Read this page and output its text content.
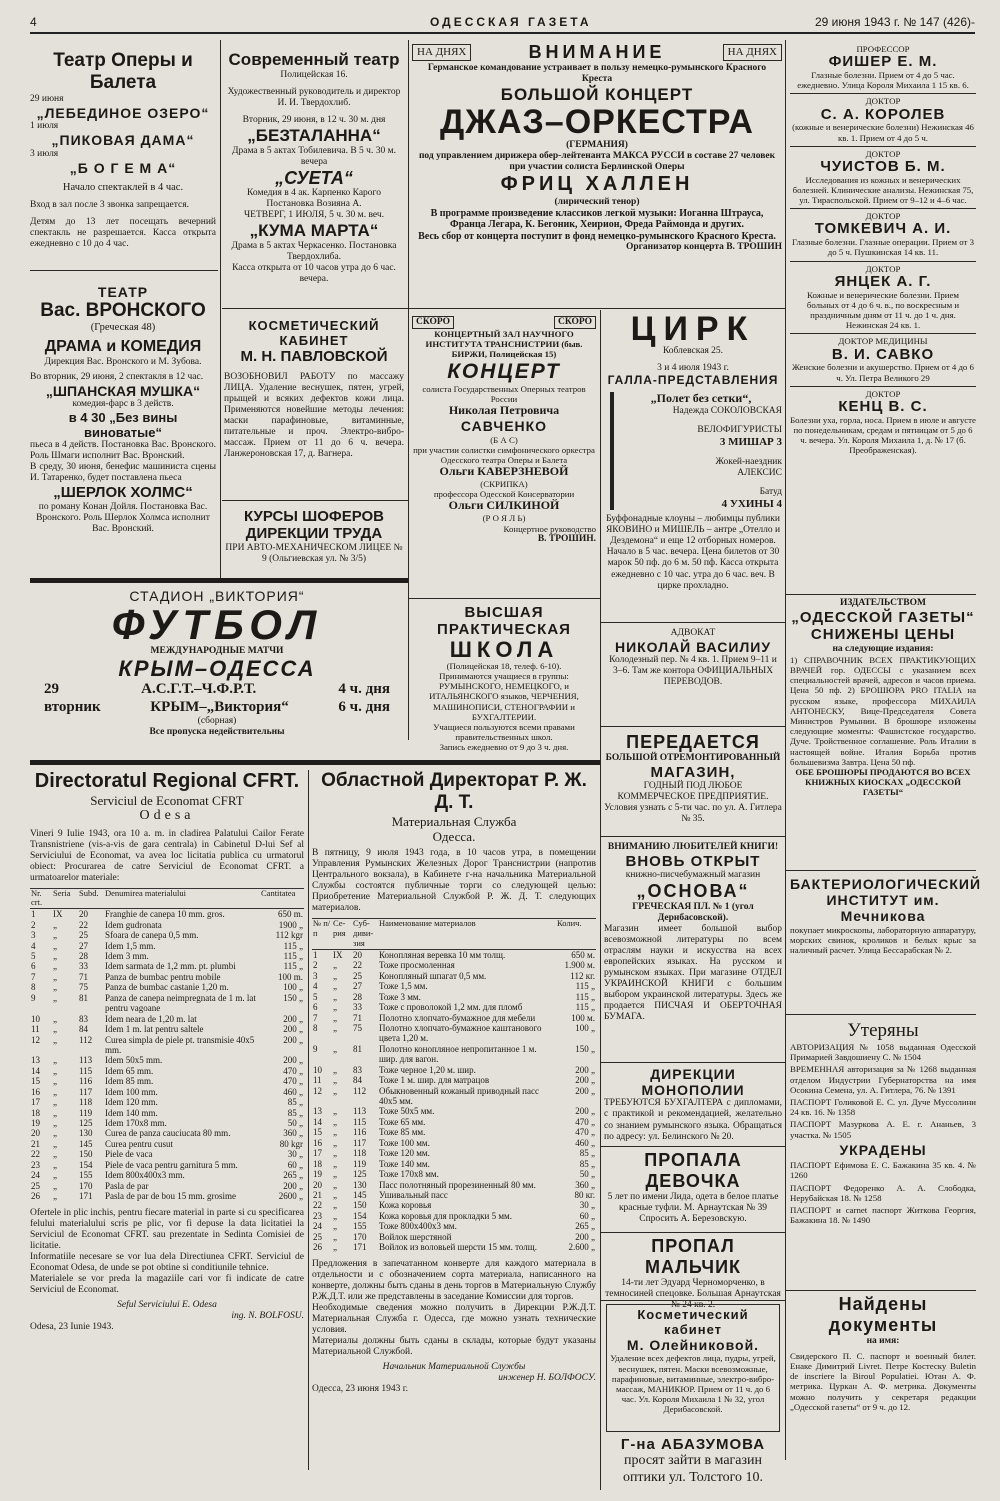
4	ОДЕССКАЯ ГАЗЕТА	29 июня 1943 г. № 147 (426)-
Театр Оперы и Балета
29 июня
„ЛЕБЕДИНОЕ ОЗЕРО“
1 июля
„ПИКОВАЯ ДАМА“
3 июля
„Б О Г Е М А“
Начало спектаклей в 4 час.
Вход в зал после 3 звонка запрещается.
Детям до 13 лет посещать вечерний спектакль не разрешается. Касса открыта ежедневно с 10 до 4 час.
ТЕАТР
Вас. ВРОНСКОГО
(Греческая 48)
ДРАМА и КОМЕДИЯ
Дирекция Вас. Вронского и М. Зубова.
Во вторник, 29 июня, 2 спектакля в 12 час.
„ШПАНСКАЯ МУШКА“
комедия-фарс в 3 действ.
в 4 30 „Без вины виноватые“
пьеса в 4 действ. Постановка Вас. Вронского. Роль Шмаги исполнит Вас. Вронский.
В среду, 30 июня, бенефис машиниста сцены И. Татаренко, будет поставлена пьеса
„ШЕРЛОК ХОЛМС“
по роману Конан Дойля. Постановка Вас. Вронского. Роль Шерлок Холмса исполнит Вас. Вронский.
Современный театр
Полицейская 16.
Художественный руководитель и директор И. И. Твердохлиб.
Вторник, 29 июня, в 12 ч. 30 м. дня
„БЕЗТАЛАННА“
Драма в 5 актах Тобилевича. В 5 ч. 30 м. вечера
„СУЕТА“
Комедия в 4 ак. Карпенко Карого Постановка Возияна А.
ЧЕТВЕРГ, 1 ИЮЛЯ, 5 ч. 30 м. веч.
„КУМА МАРТА“
Драма в 5 актах Черкасенко. Постановка Твердохлиба.
Касса открыта от 10 часов утра до 6 час. вечера.
КОСМЕТИЧЕСКИЙ
КАБИНЕТ
М. Н. ПАВЛОВСКОЙ
ВОЗОБНОВИЛ РАБОТУ по массажу ЛИЦА. Удаление веснушек, пятен, угрей, прыщей и всяких дефектов кожи лица. Применяются новейшие методы лечения: маски парафиновые, витаминные, питательные и проч. Электро-вибро-массаж. Прием от 11 до 6 ч. вечера. Ланжероновская 17, д. Вагнера.
КУРСЫ ШОФЕРОВ
ДИРЕКЦИИ ТРУДА
ПРИ АВТО-МЕХАНИЧЕСКОМ ЛИЦЕЕ № 9 (Ольгиевская ул. № 3/5)
СТАДИОН „ВИКТОРИЯ“
ФУТБОЛ
МЕЖДУНАРОДНЫЕ МАТЧИ
КРЫМ–ОДЕССА
29	А.С.Г.Т.–Ч.Ф.Р.Т.	4 ч. дня
вторник	КРЫМ–„Виктория“	6 ч. дня
(сборная)
Все пропуска недействительны
НА ДНЯХ	ВНИМАНИЕ	НА ДНЯХ
Германское командование устраивает в пользу немецко-румынского Красного Креста
БОЛЬШОЙ КОНЦЕРТ
ДЖАЗ–ОРКЕСТРА
(ГЕРМАНИЯ)
под управлением дирижера обер-лейтенанта МАКСА РУССИ в составе 27 человек при участии солиста Берлинской Оперы
ФРИЦ ХАЛЛЕН
(лирический тенор)
В программе произведение классиков легкой музыки: Иоганна Штрауса, Франца Легара, К. Бегоник, Хеирион, Фреда Раймонда и других.
Весь сбор от концерта поступит в фонд немецко-румынского Красного Креста.
Организатор концерта В. ТРОШИН
СКОРО	СКОРО
КОНЦЕРТНЫЙ ЗАЛ НАУЧНОГО ИНСТИТУТА ТРАНСНИСТРИИ (быв. БИРЖИ, Полицейская 15)
КОНЦЕРТ
солиста Государственных Оперных театров России
Николая Петровича
САВЧЕНКО
(Б А С)
при участии солистки симфонического оркестра Одесского театра Оперы и Балета
Ольги КАВЕРЗНЕВОЙ
(СКРИПКА)
профессора Одесской Консерватории
Ольги СИЛКИНОЙ
(Р О Я Л Ь)
Концертное руководство
В. ТРОШИН.
ВЫСШАЯ
ПРАКТИЧЕСКАЯ
ШКОЛА
(Полицейская 18, телеф. 6-10).
Принимаются учащиеся в группы: РУМЫНСКОГО, НЕМЕЦКОГО, и ИТАЛЬЯНСКОГО языков, ЧЕРЧЕНИЯ, МАШИНОПИСИ, СТЕНОГРАФИИ и БУХГАЛТЕРИИ.
Учащиеся пользуются всеми правами правительственных школ.
Запись ежедневно от 9 до 3 ч. дня.
ЦИРК
Коблевская 25.
3 и 4 июля 1943 г.
ГАЛЛА-ПРЕДСТАВЛЕНИЯ
„Полет без сетки“,
Надежда СОКОЛОВСКАЯ
ВЕЛОФИГУРИСТЫ
3 МИШАР 3
Жокей-наездник
АЛЕКСИС
Батуд
4 УХИНЫ 4
Буффонадные клоуны – любимцы публики ЯКОВИНО и МИШЕЛЬ – антре „Отелло и Дездемона“ и еще 12 отборных номеров. Начало в 5 час. вечера. Цена билетов от 30 марок 50 пф. до 6 м. 50 пф. Касса открыта ежедневно с 10 час. утра до 6 час. веч. В цирке прохладно.
АДВОКАТ
НИКОЛАЙ ВАСИЛИУ
Колодезный пер. № 4 кв. 1. Прием 9–11 и 3–6. Там же контора ОФИЦИАЛЬНЫХ ПЕРЕВОДОВ.
ПЕРЕДАЕТСЯ
БОЛЬШОЙ ОТРЕМОНТИРОВАННЫЙ
МАГАЗИН,
ГОДНЫЙ ПОД ЛЮБОЕ КОММЕРЧЕСКОЕ ПРЕДПРИЯТИЕ. Условия узнать с 5-ти час. по ул. А. Гитлера № 35.
ВНИМАНИЮ ЛЮБИТЕЛЕЙ КНИГИ!
ВНОВЬ ОТКРЫТ
книжно-писчебумажный магазин
„ОСНОВА“
ГРЕЧЕСКАЯ ПЛ. № 1 (угол Дерибасовской).
Магазин имеет большой выбор всевозможной литературы по всем отраслям науки и искусства на всех европейских языках. На русском и румынском языках. При магазине ОТДЕЛ УКРАИНСКОЙ КНИГИ с большим выбором украинской литературы. Здесь же продается ПИСЧАЯ И ОБЕРТОЧНАЯ БУМАГА.
ДИРЕКЦИИ МОНОПОЛИИ
ТРЕБУЮТСЯ БУХГАЛТЕРА с дипломами, с практикой и рекомендацией, желательно со знанием румынского языка. Обращаться по адресу: ул. Белинского № 20.
ПРОПАЛА ДЕВОЧКА
5 лет по имени Лида, одета в белое платье красные туфли. М. Арнаутская № 39 Спросить А. Березовскую.
ПРОПАЛ МАЛЬЧИК
14-ти лет Эдуард Черноморченко, в темносиней спецовке. Большая Арнаутская № 24 кв. 2.
Косметический кабинет
М. Олейниковой.
Удаление всех дефектов лица, пудры, угрей, веснушек, пятен. Маски всевозможные, парафиновые, витаминные, электро-вибро-массаж, МАНИКЮР. Прием от 11 ч. до 6 час. Ул. Короля Михаила 1 № 32, угол Дерибасовской.
Г-на АБАЗУМОВА
просят зайти в магазин оптики ул. Толстого 10.
ПРОФЕССОР
ФИШЕР Е. М.
Глазные болезни. Прием от 4 до 5 час. ежедневно. Улица Короля Михаила 1 15 кв. 6.
ДОКТОР
С. А. КОРОЛЕВ
(кожные и венерические болезни) Нежинская 46 кв. 1. Прием от 4 до 5 ч.
ДОКТОР
ЧУИСТОВ Б. М.
Исследования из кожных и венерических болезней. Клинические анализы. Нежинская 75, ул. Тираспольской. Прием от 9–12 и 4–6 час.
ДОКТОР
ТОМКЕВИЧ А. И.
Глазные болезни. Глазные операции. Прием от 3 до 5 ч. Пушкинская 14 кв. 11.
ДОКТОР
ЯНЦЕК А. Г.
Кожные и венерические болезни. Прием больных от 4 до 6 ч. в., по воскресным и праздничным дням от 11 ч. до 1 ч. дня. Нежинская 24 кв. 1.
ДОКТОР МЕДИЦИНЫ
В. И. САВКО
Женские болезни и акушерство. Прием от 4 до 6 ч. Ул. Петра Великого 29
ДОКТОР
КЕНЦ В. С.
Болезни уха, горла, носа. Прием в июле и августе по понедельникам, средам и пятницам от 5 до 6 ч. вечера. Ул. Короля Михаила 1, д. № 17 (б. Преображенская).
ИЗДАТЕЛЬСТВОМ
„ОДЕССКОЙ ГАЗЕТЫ“
СНИЖЕНЫ ЦЕНЫ
на следующие издания:
1) СПРАВОЧНИК ВСЕХ ПРАКТИКУЮЩИХ ВРАЧЕЙ гор. ОДЕССЫ с указанием всех специальностей врачей, адресов и часов приема. Цена 50 пф. 2) БРОШЮРА PRO ITALIA на русском языке, профессора МИХАИЛА АНТОНЕСКУ, Вице-Председателя Совета Министров Румынии. В брошюре изложены следующие моменты: Фашистское государство. Дуче. Тройственное соглашение. Роль Италии в настоящей войне. Италия Борьба против большевизма Завтра. Цена 50 пф.
ОБЕ БРОШЮРЫ ПРОДАЮТСЯ ВО ВСЕХ КНИЖНЫХ КИОСКАХ „ОДЕССКОЙ ГАЗЕТЫ“
БАКТЕРИОЛОГИЧЕСКИЙ
ИНСТИТУТ им. Мечникова
покупает микроскопы, лабораторную аппаратуру, морских свинок, кроликов и белых крыс за наличный расчет. Улица Бессарабская № 2.
Утеряны
АВТОРИЗАЦИЯ № 1058 выданная Одесской Примарией Завдошиену С. № 1504
ВРЕМЕННАЯ авторизация за № 1268 выданная отделом Индустрии Губернаторства на имя Осокина Семена, ул. А. Гитлера, 76. № 1391
ПАСПОРТ Голиковой Е. С. ул. Дуче Муссолини 24 кв. 16. № 1358
ПАСПОРТ Мазуркова А. Е. г. Ананьев, 3 участка. № 1505
УКРАДЕНЫ
ПАСПОРТ Ефимова Е. С. Бажакина 35 кв. 4. № 1260
ПАСПОРТ Федоренко А. А. Слободка, Нерубайская 18. № 1258
ПАСПОРТ и carnet паспорт Житкова Георгия, Бажакина 18. № 1490
Найдены документы
на имя:
Свидерского П. С. паспорт и военный билет. Енаке Димитрий Livret. Петре Костеску Buletin de inscriere la Biroul Populatiei. Ютан А. Ф. метрика. Цуркан А. Ф. метрика. Документы можно получить у секретаря редакции „Одесской газеты“ от 9 ч. до 12.
Directoratul Regional CFRT.
Serviciul de Economat CFRT
Odesa
Vineri 9 Iulie 1943, ora 10 a. m. in cladirea Palatului Cailor Ferate Transnistriene (vis-a-vis de gara centrala) in Cabinetul D-lui Sef al Serviciului de Economat, va avea loc licitatia publica cu urmatorul obiect: Procurarea de catre Serviciul de Economat CFRT. a urmatoarelor materiale:
Nr. crt.	Seria	Subd.	Denumirea materialului	Cantitatea
1	IX	20	Franghie de canepa 10 mm. gros.	650 m.
2	„	22	Idem gudronata	1900 „
3	„	25	Sfoara de canepa 0,5 mm.	112 kgr
4	„	27	Idem 1,5 mm.	115 „
5	„	28	Idem 3 mm.	115 „
6	„	33	Idem sarmata de 1,2 mm. pt. plumbi	115 „
7	„	71	Panza de bumbac pentru mobile	100 m.
8	„	75	Panza de bumbac castanie 1,20 m.	100 „
9	„	81	Panza de canepa neimpregnata de 1 m. lat pentru vagoane	150 „
10	„	83	Idem neara de 1,20 m. lat	200 „
11	„	84	Idem 1 m. lat pentru saltele	200 „
12	„	112	Curea simpla de piele pt. transmisie 40x5 mm.	200 „
13	„	113	Idem 50x5 mm.	200 „
14	„	115	Idem 65 mm.	470 „
15	„	116	Idem 85 mm.	470 „
16	„	117	Idem 100 mm.	460 „
17	„	118	Idem 120 mm.	85 „
18	„	119	Idem 140 mm.	85 „
19	„	125	Idem 170x8 mm.	50 „
20	„	130	Curea de panza cauciucata 80 mm.	360 „
21	„	145	Curea pentru cusut	80 kgr
22	„	150	Piele de vaca	30 „
23	„	154	Piele de vaca pentru garnitura 5 mm.	60 „
24	„	155	Idem 800x400x3 mm.	265 „
25	„	170	Pasla de par	200 „
26	„	171	Pasla de par de bou 15 mm. grosime	2600 „
Ofertele in plic inchis, pentru fiecare material in parte si cu specificarea felului materialului scris pe plic, vor fi depuse la data licitatiei la Serviciul de Economat CFRT. sau prezentate in Sedinta Comisiei de licitatie.
Informatiile necesare se vor lua dela Directiunea CFRT. Serviciul de Economat Odesa, de unde se pot obtine si conditiunile tehnice.
Materialele se vor preda la magaziile cari vor fi indicate de catre Serviciul de Economat.
Seful Serviciului E. Odesa
ing. N. BOLFOSU.
Odesa, 23 Iunie 1943.
Областной Директорат Р. Ж. Д. Т.
Материальная Служба
Одесса.
В пятницу, 9 июля 1943 года, в 10 часов утра, в помещении Управления Румынских Железных Дорог Транснистрии (напротив Центрального вокзала), в Кабинете г-на начальника Материальной Службы состоятся публичные торги со следующей целью: Приобретение Материальной Службой Р. Ж. Д. Т. следующих материалов.
№ п/п	Се- рия	Суб- диви- зия	Наименование материалов	Колич.
1	IX	20	Конопляная веревка 10 мм толщ.	650 м.
2	„	22	Тоже просмоленная	1.900 м.
3	„	25	Конопляный шпагат 0,5 мм.	112 кг.
4	„	27	Тоже 1,5 мм.	115 „
5	„	28	Тоже 3 мм.	115 „
6	„	33	Тоже с проволокой 1,2 мм. для пломб	115 „
7	„	71	Полотно хлопчато-бумажное для мебели	100 м.
8	„	75	Полотно хлопчато-бумажное каштанового цвета 1,20 м.	100 „
9	„	81	Полотно конопляное непропитанное 1 м. шир. для вагон.	150 „
10	„	83	Тоже черное 1,20 м. шир.	200 „
11	„	84	Тоже 1 м. шир. для матрацов	200 „
12	„	112	Обыкновенный кожаный приводный пасс 40x5 мм.	200 „
13	„	113	Тоже 50x5 мм.	200 „
14	„	115	Тоже 65 мм.	470 „
15	„	116	Тоже 85 мм.	470 „
16	„	117	Тоже 100 мм.	460 „
17	„	118	Тоже 120 мм.	85 „
18	„	119	Тоже 140 мм.	85 „
19	„	125	Тоже 170x8 мм.	50 „
20	„	130	Пасс полотняный прорезиненный 80 мм.	360 „
21	„	145	Ушивальный пасс	80 кг.
22	„	150	Кожа коровья	30 „
23	„	154	Кожа коровья для прокладки 5 мм.	60 „
24	„	155	Тоже 800x400x3 мм.	265 „
25	„	170	Войлок шерстяной	200 „
26	„	171	Войлок из воловьей шерсти 15 мм. толщ.	2.600 „
Предложения в запечатанном конверте для каждого материала в отдельности и с обозначением сорта материала, написанного на конверте, должны быть сданы в день торгов в Материальную Службу Р.Ж.Д.Т. или же представлены в заседание Комиссии для торгов.
Необходимые сведения можно получить в Дирекции Р.Ж.Д.Т. Материальная Служба г. Одесса, где можно узнать технические условия.
Материалы должны быть сданы в склады, которые будут указаны Материальной Службой.
Начальник Материальной Службы
инженер Н. БОЛФОСУ.
Одесса, 23 июня 1943 г.
